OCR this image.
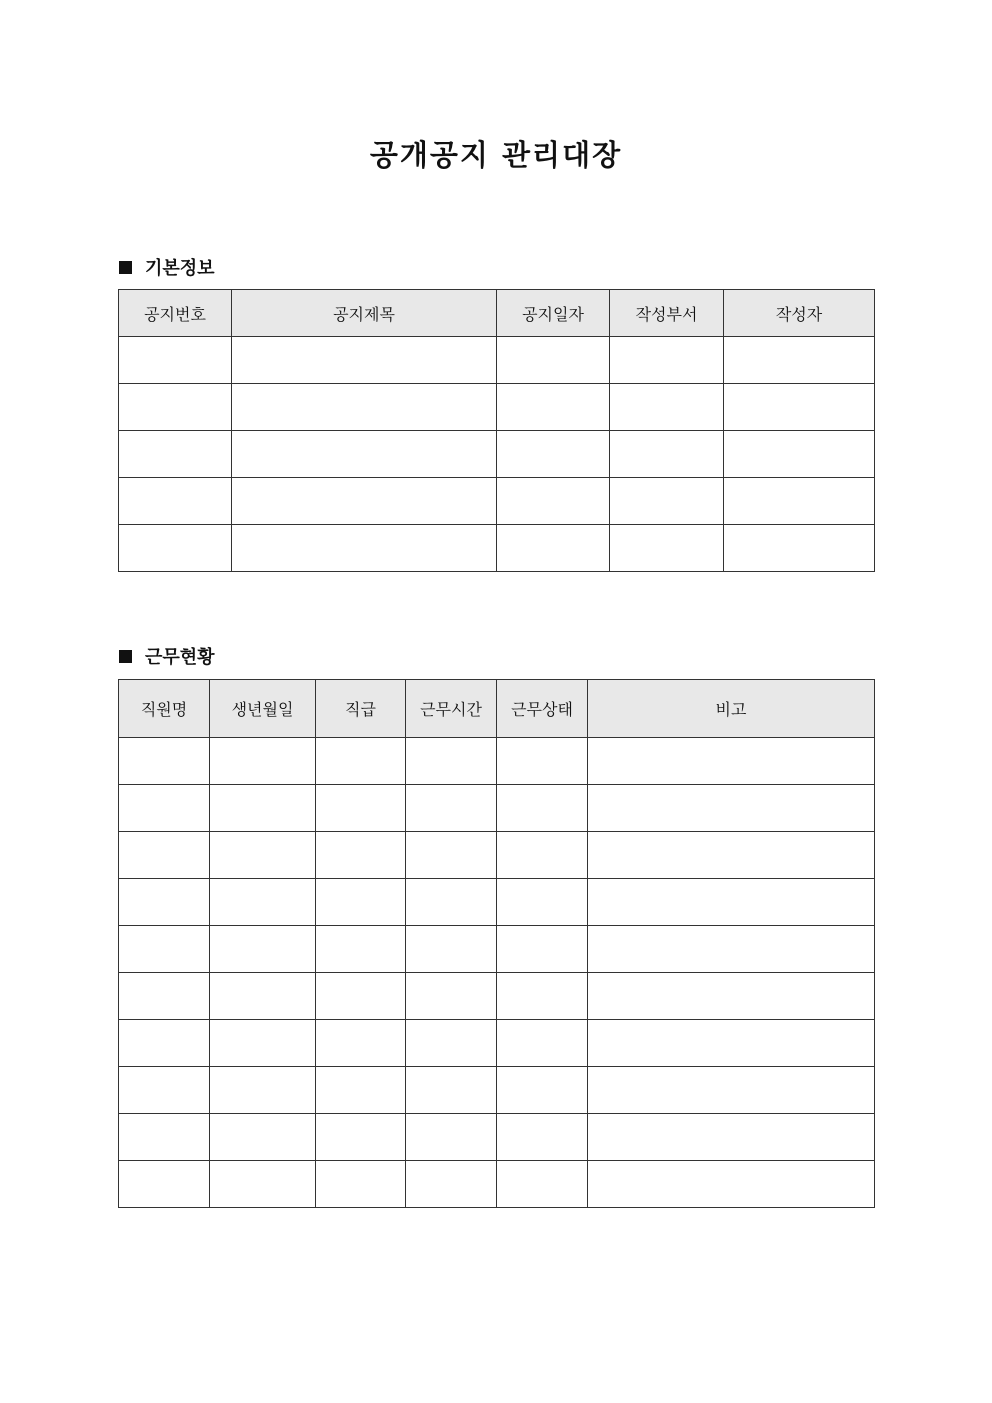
공개공지 관리대장
기본정보
공지번호	공지제목	공지일자	작성부서	작성자

근무현황
직원명	생년월일	직급	근무시간	근무상태	비고
